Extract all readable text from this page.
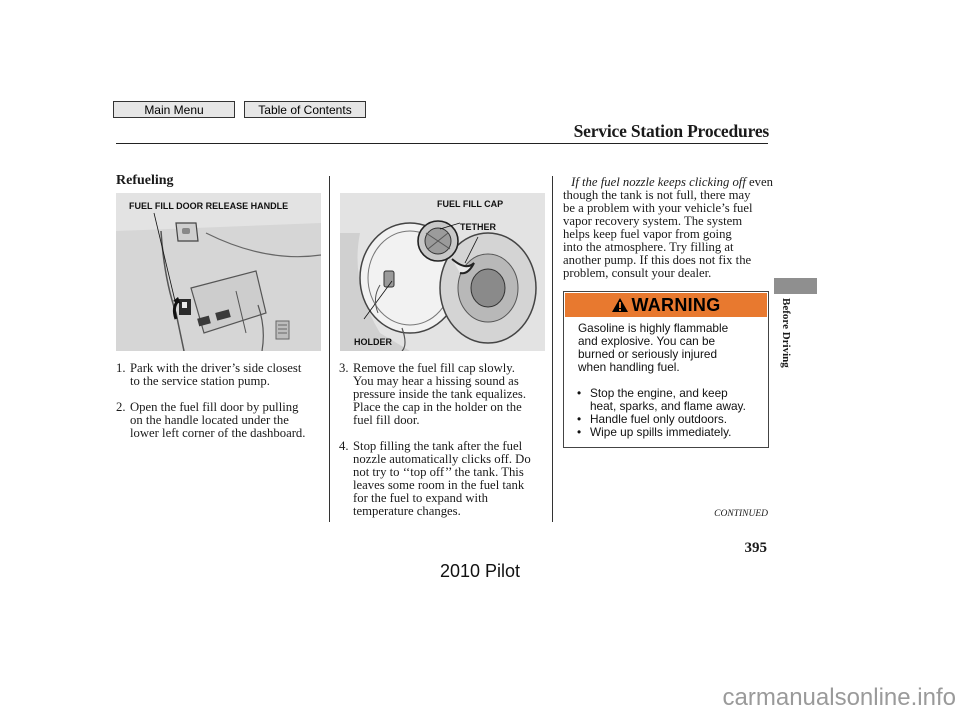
Main Menu	Table of Contents
Service Station Procedures
Refueling
FUEL FILL DOOR RELEASE HANDLE	FUEL FILL CAP
TETHER
HOLDER
1. Park with the driver’s side closest
to the service station pump.
2. Open the fuel fill door by pulling
on the handle located under the
lower left corner of the dashboard.
3. Remove the fuel fill cap slowly.
You may hear a hissing sound as
pressure inside the tank equalizes.
Place the cap in the holder on the
fuel fill door.
4. Stop filling the tank after the fuel
nozzle automatically clicks off. Do
not try to ‘‘top off’’ the tank. This
leaves some room in the fuel tank
for the fuel to expand with
temperature changes.
If the fuel nozzle keeps clicking off even
though the tank is not full, there may
be a problem with your vehicle’s fuel
vapor recovery system. The system
helps keep fuel vapor from going
into the atmosphere. Try filling at
another pump. If this does not fix the
problem, consult your dealer.
WARNING
Gasoline is highly flammable
and explosive. You can be
burned or seriously injured
when handling fuel.
• Stop the engine, and keep
heat, sparks, and flame away.
• Handle fuel only outdoors.
• Wipe up spills immediately.
Before Driving
CONTINUED
395
2010 Pilot
carmanualsonline.info
